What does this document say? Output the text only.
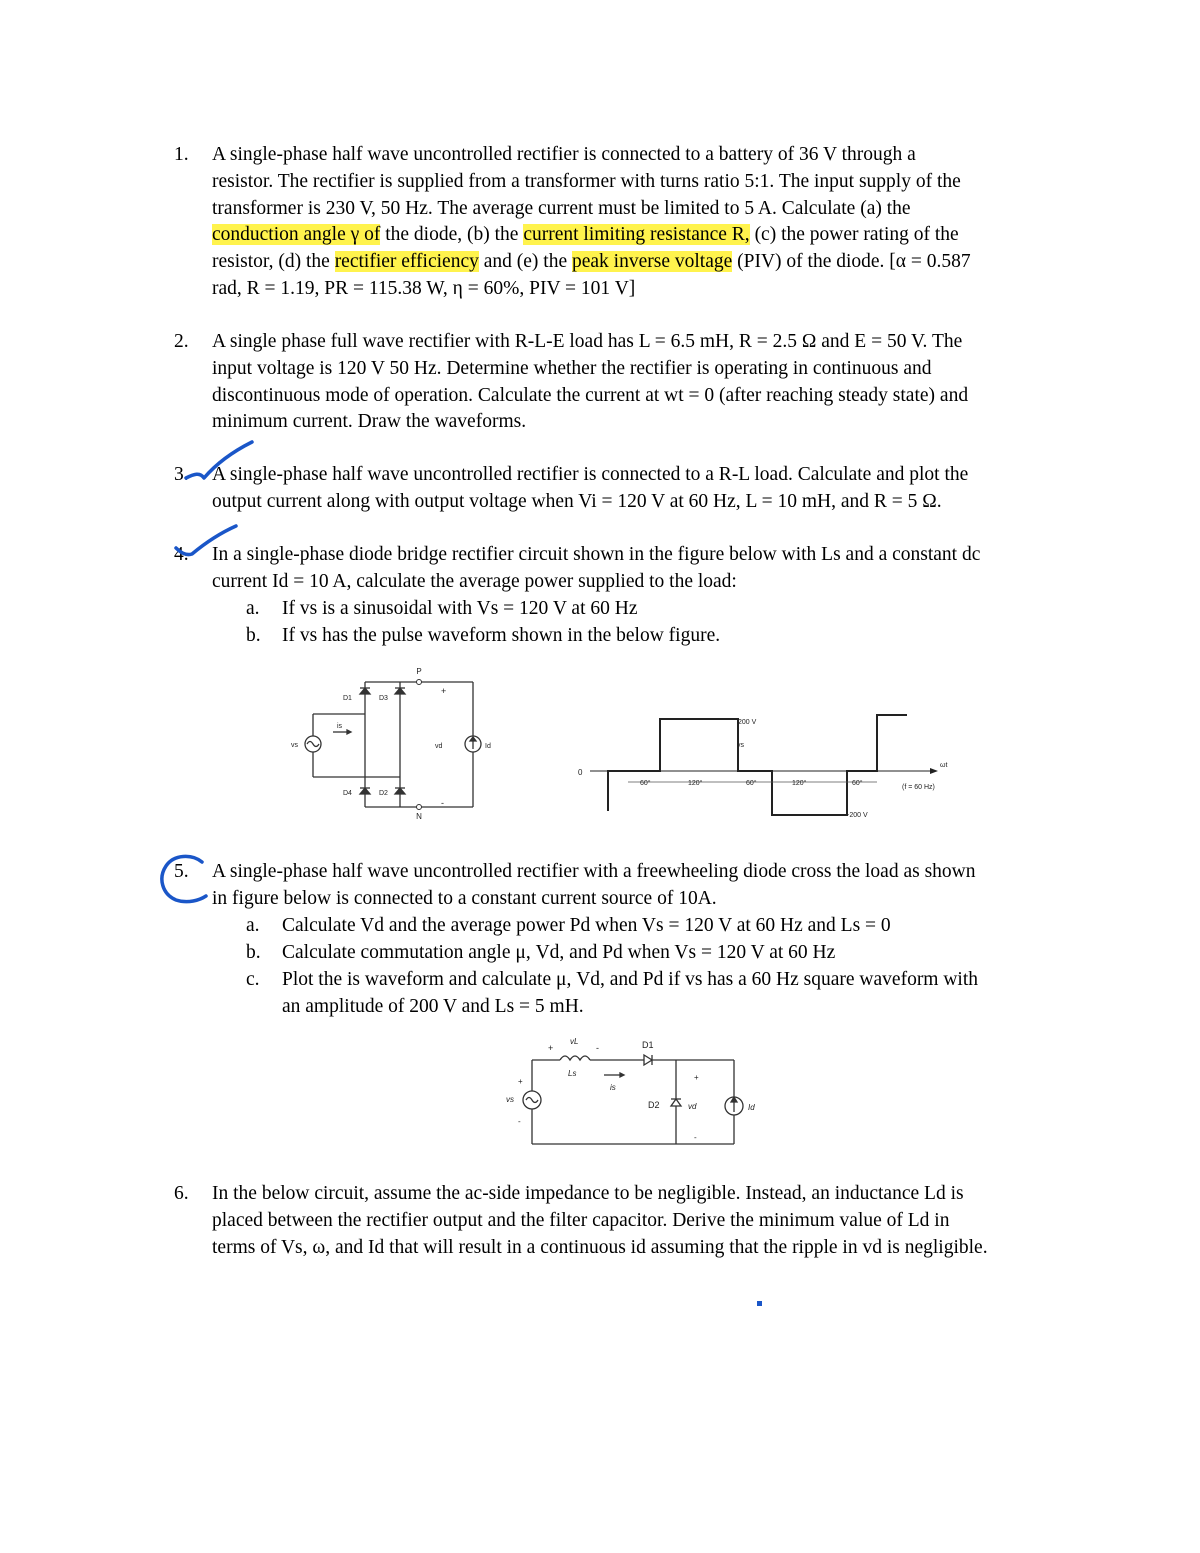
1. A single-phase half wave uncontrolled rectifier is connected to a battery of 36 V through a
resistor. The rectifier is supplied from a transformer with turns ratio 5:1. The input supply of the
transformer is 230 V, 50 Hz. The average current must be limited to 5 A. Calculate (a) the
conduction angle γ of the diode, (b) the current limiting resistance R, (c) the power rating of the
resistor, (d) the rectifier efficiency and (e) the peak inverse voltage (PIV) of the diode. [α = 0.587
rad, R = 1.19, PR = 115.38 W, η = 60%, PIV = 101 V]
2. A single phase full wave rectifier with R-L-E load has L = 6.5 mH, R = 2.5 Ω and E = 50 V. The
input voltage is 120 V 50 Hz. Determine whether the rectifier is operating in continuous and
discontinuous mode of operation. Calculate the current at wt = 0 (after reaching steady state) and
minimum current. Draw the waveforms.
3. A single-phase half wave uncontrolled rectifier is connected to a R-L load. Calculate and plot the
output current along with output voltage when Vi = 120 V at 60 Hz, L = 10 mH, and R = 5 Ω.
4. In a single-phase diode bridge rectifier circuit shown in the figure below with Ls and a constant dc
current Id = 10 A, calculate the average power supplied to the load:
a. If vs is a sinusoidal with Vs = 120 V at 60 Hz
b. If vs has the pulse waveform shown in the below figure.
P
N
+
-
D1	D3
D4	D2
vs
is
vd	Id
0
200 V
vs
60°	120°	60°	120°	60°
-200 V
ωt
(f = 60 Hz)
5. A single-phase half wave uncontrolled rectifier with a freewheeling diode cross the load as shown
in figure below is connected to a constant current source of 10A.
a. Calculate Vd and the average power Pd when Vs = 120 V at 60 Hz and Ls = 0
b. Calculate commutation angle μ, Vd, and Pd when Vs = 120 V at 60 Hz
c. Plot the is waveform and calculate μ, Vd, and Pd if vs has a 60 Hz square waveform with
an amplitude of 200 V and Ls = 5 mH.
+	-
vL
Ls
D1
D2
vs
+
-
is
vd
+
-
Id
6. In the below circuit, assume the ac-side impedance to be negligible. Instead, an inductance Ld is
placed between the rectifier output and the filter capacitor. Derive the minimum value of Ld in
terms of Vs, ω, and Id that will result in a continuous id assuming that the ripple in vd is negligible.
